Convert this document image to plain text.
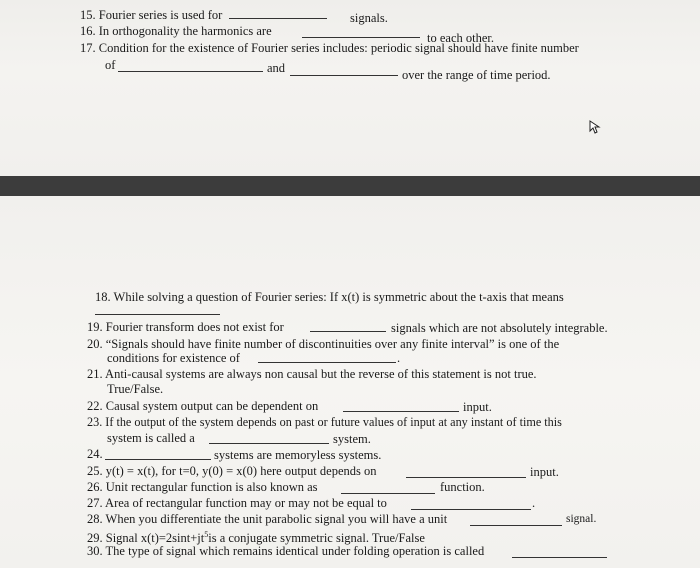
15. Fourier series is used for	signals.
16. In orthogonality the harmonics are	to each other.
17. Condition for the existence of Fourier series includes: periodic signal should have finite number
of	and	over the range of time period.
18. While solving a question of Fourier series: If x(t) is symmetric about the t-axis that means
19. Fourier transform does not exist for	signals which are not absolutely integrable.
20. “Signals should have finite number of discontinuities over any finite interval” is one of the
conditions for existence of	.
21. Anti-causal systems are always non causal but the reverse of this statement is not true.
True/False.
22. Causal system output can be dependent on	input.
23. If the output of the system depends on past or future values of input at any instant of time this
system is called a	system.
24.	systems are memoryless systems.
25. y(t) = x(t), for t=0, y(0) = x(0) here output depends on	input.
26. Unit rectangular function is also known as	function.
27. Area of rectangular function may or may not be equal to	.
28. When you differentiate the unit parabolic signal you will have a unit	signal.
29. Signal $x(t)=2\sin t+jt^5is$ a conjugate symmetric signal. True/False
30. The type of signal which remains identical under folding operation is called
